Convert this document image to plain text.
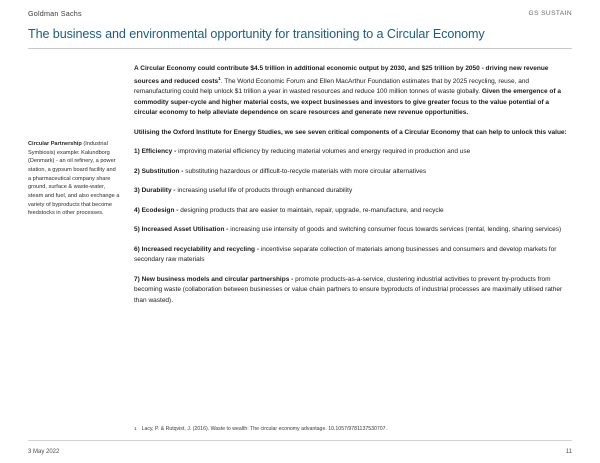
Goldman Sachs	GS SUSTAIN
The business and environmental opportunity for transitioning to a Circular Economy
Circular Partnership (Industrial Symbiosis) example: Kalundborg (Denmark) - an oil refinery, a power station, a gypsum board facility and a pharmaceutical company share ground, surface & waste-water, steam and fuel, and also exchange a variety of byproducts that become feedstocks in other processes.

A Circular Economy could contribute $4.5 trillion in additional economic output by 2030, and $25 trillion by 2050 - driving new revenue sources and reduced costs$^1$. The World Economic Forum and Ellen MacArthur Foundation estimates that by 2025 recycling, reuse, and remanufacturing could help unlock $1 trillion a year in wasted resources and reduce 100 million tonnes of waste globally. Given the emergence of a commodity super-cycle and higher material costs, we expect businesses and investors to give greater focus to the value potential of a circular economy to help alleviate dependence on scare resources and generate new revenue opportunities.

Utilising the Oxford Institute for Energy Studies, we see seven critical components of a Circular Economy that can help to unlock this value:

1) Efficiency - improving material efficiency by reducing material volumes and energy required in production and use
2) Substitution - substituting hazardous or difficult-to-recycle materials with more circular alternatives
3) Durability - increasing useful life of products through enhanced durability
4) Ecodesign - designing products that are easier to maintain, repair, upgrade, re-manufacture, and recycle
5) Increased Asset Utilisation - increasing use intensity of goods and switching consumer focus towards services (rental, lending, sharing services)
6) Increased recyclability and recycling - incentivise separate collection of materials among businesses and consumers and develop markets for secondary raw materials
7) New business models and circular partnerships - promote products-as-a-service, clustering industrial activities to prevent by-products from becoming waste (collaboration between businesses or value chain partners to ensure byproducts of industrial processes are maximally utilised rather than wasted).
1 Lacy, P. & Rutqvist, J. (2016). Waste to wealth: The circular economy advantage. 10.1057/9781137530707.
3 May 2022	11
